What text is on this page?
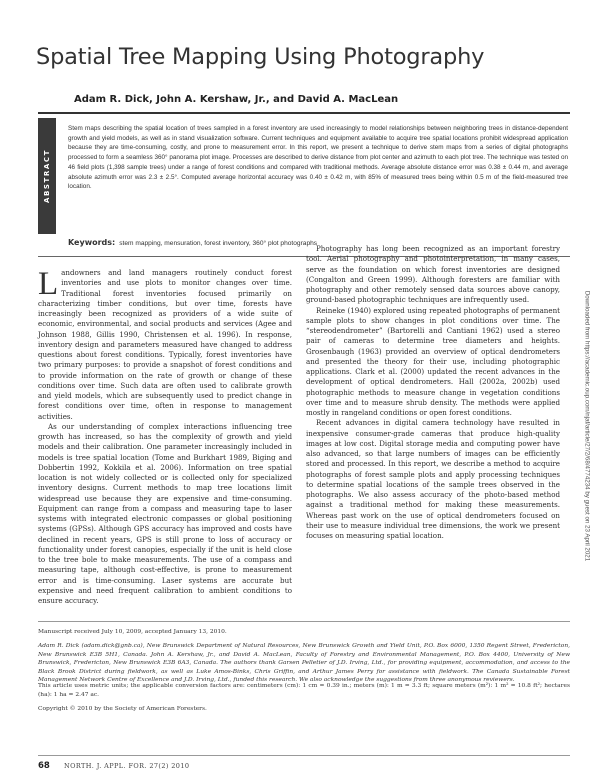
Spatial Tree Mapping Using Photography
Adam R. Dick, John A. Kershaw, Jr., and David A. MacLean
ABSTRACT
Stem maps describing the spatial location of trees sampled in a forest inventory are used increasingly to model relationships between neighboring trees in distance-dependent growth and yield models, as well as in stand visualization software. Current techniques and equipment available to acquire tree spatial locations prohibit widespread application because they are time-consuming, costly, and prone to measurement error. In this report, we present a technique to derive stem maps from a series of digital photographs processed to form a seamless 360° panorama plot image. Processes are described to derive distance from plot center and azimuth to each plot tree. The technique was tested on 46 field plots (1,398 sample trees) under a range of forest conditions and compared with traditional methods. Average absolute distance error was 0.38 ± 0.44 m, and average absolute azimuth error was 2.3 ± 2.5°. Computed average horizontal accuracy was 0.40 ± 0.42 m, with 85% of measured trees being within 0.5 m of the field-measured tree location.
Keywords: stem mapping, mensuration, forest inventory, 360° plot photographs

Landowners and land managers routinely conduct forest inventories and use plots to monitor changes over time. Traditional forest inventories focused primarily on characterizing timber conditions, but over time, forests have increasingly been recognized as providers of a wide suite of economic, environmental, and social products and services (Agee and Johnson 1988, Gillis 1990, Christensen et al. 1996). In response, inventory design and parameters measured have changed to address questions about forest conditions. Typically, forest inventories have two primary purposes: to provide a snapshot of forest conditions and to provide information on the rate of growth or change of these conditions over time. Such data are often used to calibrate growth and yield models, which are subsequently used to predict change in forest conditions over time, often in response to management activities.

As our understanding of complex interactions influencing tree growth has increased, so has the complexity of growth and yield models and their calibration. One parameter increasingly included in models is tree spatial location (Tome and Burkhart 1989, Biging and Dobbertin 1992, Kokkila et al. 2006). Information on tree spatial location is not widely collected or is collected only for specialized inventory designs. Current methods to map tree locations limit widespread use because they are expensive and time-consuming. Equipment can range from a compass and measuring tape to laser systems with integrated electronic compasses or global positioning systems (GPSs). Although GPS accuracy has improved and costs have declined in recent years, GPS is still prone to loss of accuracy or functionality under forest canopies, especially if the unit is held close to the tree bole to make measurements. The use of a compass and measuring tape, although cost-effective, is prone to measurement error and is time-consuming. Laser systems are accurate but expensive and need frequent calibration to ambient conditions to ensure accuracy.

Photography has long been recognized as an important forestry tool. Aerial photography and photointerpretation, in many cases, serve as the foundation on which forest inventories are designed (Congalton and Green 1999). Although foresters are familiar with photography and other remotely sensed data sources above canopy, ground-based photographic techniques are infrequently used.

Reineke (1940) explored using repeated photographs of permanent sample plots to show changes in plot conditions over time. The “stereodendrometer” (Bartorelli and Cantiani 1962) used a stereo pair of cameras to determine tree diameters and heights. Grosenbaugh (1963) provided an overview of optical dendrometers and presented the theory for their use, including photographic applications. Clark et al. (2000) updated the recent advances in the development of optical dendrometers. Hall (2002a, 2002b) used photographic methods to measure change in vegetation conditions over time and to measure shrub density. The methods were applied mostly in rangeland conditions or open forest conditions.

Recent advances in digital camera technology have resulted in inexpensive consumer-grade cameras that produce high-quality images at low cost. Digital storage media and computing power have also advanced, so that large numbers of images can be efficiently stored and processed. In this report, we describe a method to acquire photographs of forest sample plots and apply processing techniques to determine spatial locations of the sample trees observed in the photographs. We also assess accuracy of the photo-based method against a traditional method for making these measurements. Whereas past work on the use of optical dendrometers focused on their use to measure individual tree dimensions, the work we present focuses on measuring spatial location.

Manuscript received July 10, 2009, accepted January 13, 2010.
Adam R. Dick (adam.dick@gnb.ca), New Brunswick Department of Natural Resources, New Brunswick Growth and Yield Unit, P.O. Box 6000, 1350 Regent Street, Fredericton, New Brunswick E3B 5H1, Canada. John A. Kershaw, Jr., and David A. MacLean, Faculty of Forestry and Environmental Management, P.O. Box 4400, University of New Brunswick, Fredericton, New Brunswick E3B 6A3, Canada. The authors thank Garsen Pelletier of J.D. Irving, Ltd., for providing equipment, accommodation, and access to the Black Brook District during fieldwork, as well as Luke Amos-Binks, Chris Griffin, and Arthur James Perry for assistance with fieldwork. The Canada Sustainable Forest Management Network Centre of Excellence and J.D. Irving, Ltd., funded this research. We also acknowledge the suggestions from three anonymous reviewers.
This article uses metric units; the applicable conversion factors are: centimeters (cm): 1 cm = 0.39 in.; meters (m): 1 m = 3.3 ft; square meters (m²): 1 m² = 10.8 ft²; hectares (ha): 1 ha = 2.47 ac.
Copyright © 2010 by the Society of American Foresters.
68 NORTH. J. APPL. FOR. 27(2) 2010
Downloaded from https://academic.oup.com/njaf/article/27/2/68/4774234 by guest on 23 April 2021
